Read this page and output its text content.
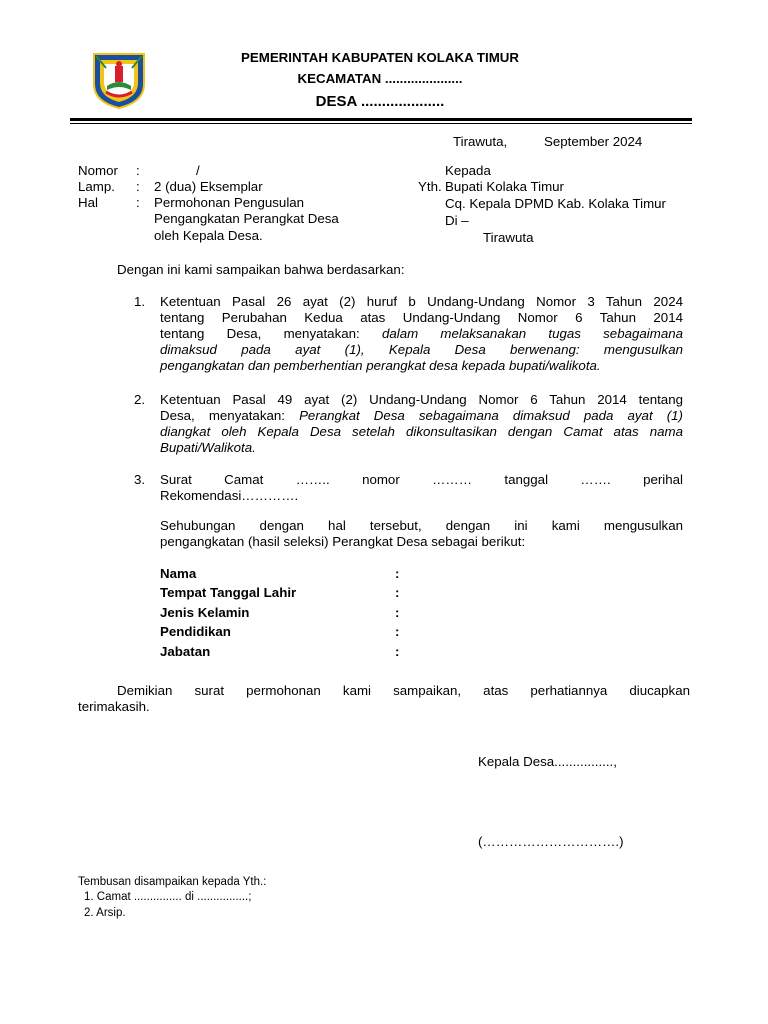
PEMERINTAH KABUPATEN KOLAKA TIMUR
KECAMATAN .....................
DESA ....................
Tirawuta,	September 2024
Nomor :	/
Lamp. : 2 (dua) Eksemplar
Hal	: Permohonan Pengusulan
Pengangkatan Perangkat Desa
oleh Kepala Desa.
Kepada
Yth. Bupati Kolaka Timur
Cq. Kepala DPMD Kab. Kolaka Timur
Di –
Tirawuta
Dengan ini kami sampaikan bahwa berdasarkan:
1. Ketentuan Pasal 26 ayat (2) huruf b Undang-Undang Nomor 3 Tahun 2024

tentang Perubahan Kedua atas Undang-Undang Nomor 6 Tahun 2014

tentang Desa, menyatakan: dalam melaksanakan tugas sebagaimana

dimaksud pada ayat (1), Kepala Desa berwenang: mengusulkan

pengangkatan dan pemberhentian perangkat desa kepada bupati/walikota.

2. Ketentuan Pasal 49 ayat (2) Undang-Undang Nomor 6 Tahun 2014 tentang

Desa, menyatakan: Perangkat Desa sebagaimana dimaksud pada ayat (1)

diangkat oleh Kepala Desa setelah dikonsultasikan dengan Camat atas nama

Bupati/Walikota.

3. Surat Camat …….. nomor ……… tanggal ……. perihal

Rekomendasi………….

Sehubungan dengan hal tersebut, dengan ini kami mengusulkan

pengangkatan (hasil seleksi) Perangkat Desa sebagai berikut:

Nama	:
Tempat Tanggal Lahir	:
Jenis Kelamin	:
Pendidikan	:
Jabatan	:

Demikian surat permohonan kami sampaikan, atas perhatiannya diucapkan

terimakasih.

Kepala Desa................,
(………………………….)
Tembusan disampaikan kepada Yth.:
1. Camat ............... di ................;
2. Arsip.
